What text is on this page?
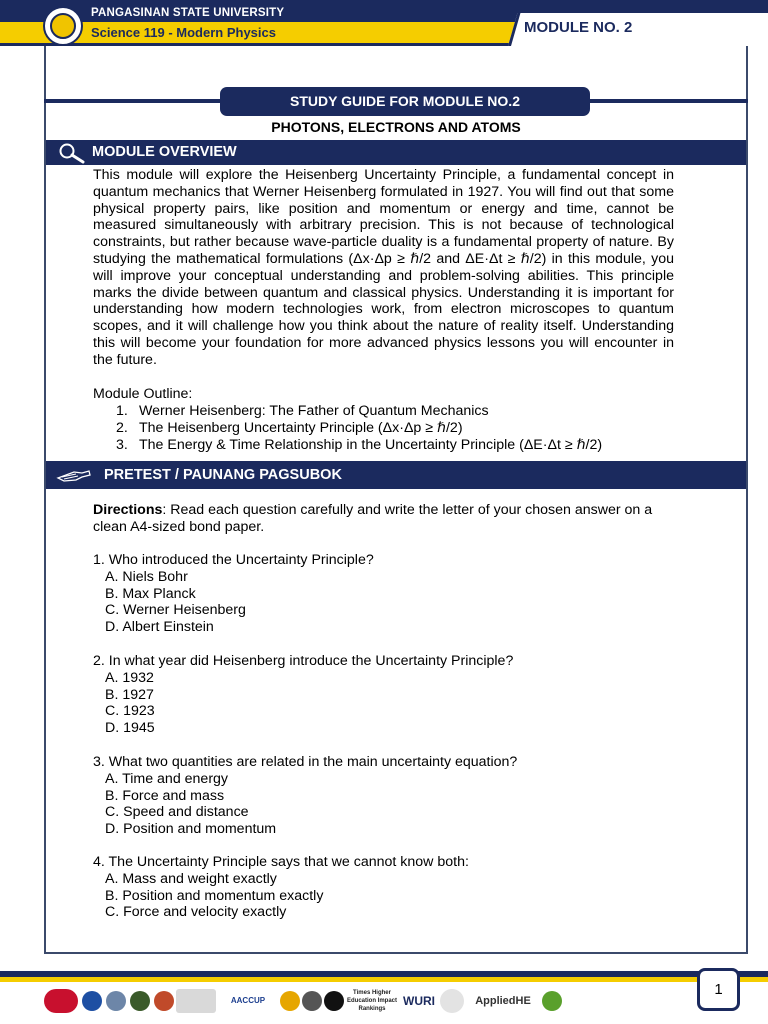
PANGASINAN STATE UNIVERSITY
Science 119 - Modern Physics	MODULE NO. 2
STUDY GUIDE FOR MODULE NO.2
PHOTONS, ELECTRONS AND ATOMS
MODULE OVERVIEW

This module will explore the Heisenberg Uncertainty Principle, a fundamental concept in quantum mechanics that Werner Heisenberg formulated in 1927. You will find out that some physical property pairs, like position and momentum or energy and time, cannot be measured simultaneously with arbitrary precision. This is not because of technological constraints, but rather because wave-particle duality is a fundamental property of nature. By studying the mathematical formulations (Δx·Δp ≥ ℏ/2 and ΔE·Δt ≥ ℏ/2) in this module, you will improve your conceptual understanding and problem-solving abilities. This principle marks the divide between quantum and classical physics. Understanding it is important for understanding how modern technologies work, from electron microscopes to quantum scopes, and it will challenge how you think about the nature of reality itself. Understanding this will become your foundation for more advanced physics lessons you will encounter in the future.

Module Outline:
1. Werner Heisenberg: The Father of Quantum Mechanics
2. The Heisenberg Uncertainty Principle (Δx·Δp ≥ ℏ/2)
3. The Energy & Time Relationship in the Uncertainty Principle (ΔE·Δt ≥ ℏ/2)
PRETEST / PAUNANG PAGSUBOK

Directions: Read each question carefully and write the letter of your chosen answer on a clean A4-sized bond paper.

1. Who introduced the Uncertainty Principle?
A. Niels Bohr
B. Max Planck
C. Werner Heisenberg
D. Albert Einstein
2. In what year did Heisenberg introduce the Uncertainty Principle?
A. 1932
B. 1927
C. 1923
D. 1945
3. What two quantities are related in the main uncertainty equation?
A. Time and energy
B. Force and mass
C. Speed and distance
D. Position and momentum
4. The Uncertainty Principle says that we cannot know both:
A. Mass and weight exactly
B. Position and momentum exactly
C. Force and velocity exactly
AACCUP
Times Higher Education Impact Rankings
WURI	AppliedHE
1
